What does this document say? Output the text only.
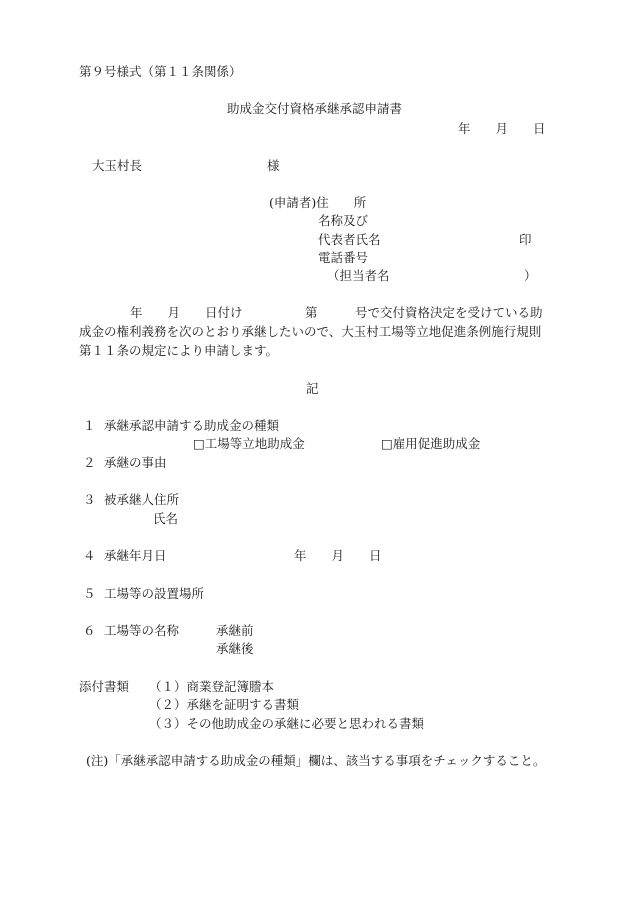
第９号様式（第１１条関係）
助成金交付資格承継承認申請書
年　　月　　日
大玉村長　　　　　　　　　　様
(申請者)住　　所
名称及び
代表者氏名	印
電話番号
（担当者名	）
年　　月　　日付け　　　　　第　　　号で交付資格決定を受けている助
成金の権利義務を次のとおり承継したいので、大玉村工場等立地促進条例施行規則
第１１条の規定により申請します。
記
１ 承継承認申請する助成金の種類
□工場等立地助成金	□雇用促進助成金
２ 承継の事由
３ 被承継人住所
氏名
４ 承継年月日	年　　月　　日
５ 工場等の設置場所
６ 工場等の名称	承継前
承継後
添付書類 （１）商業登記簿謄本
（２）承継を証明する書類
（３）その他助成金の承継に必要と思われる書類
(注)「承継承認申請する助成金の種類」欄は、該当する事項をチェックすること。
